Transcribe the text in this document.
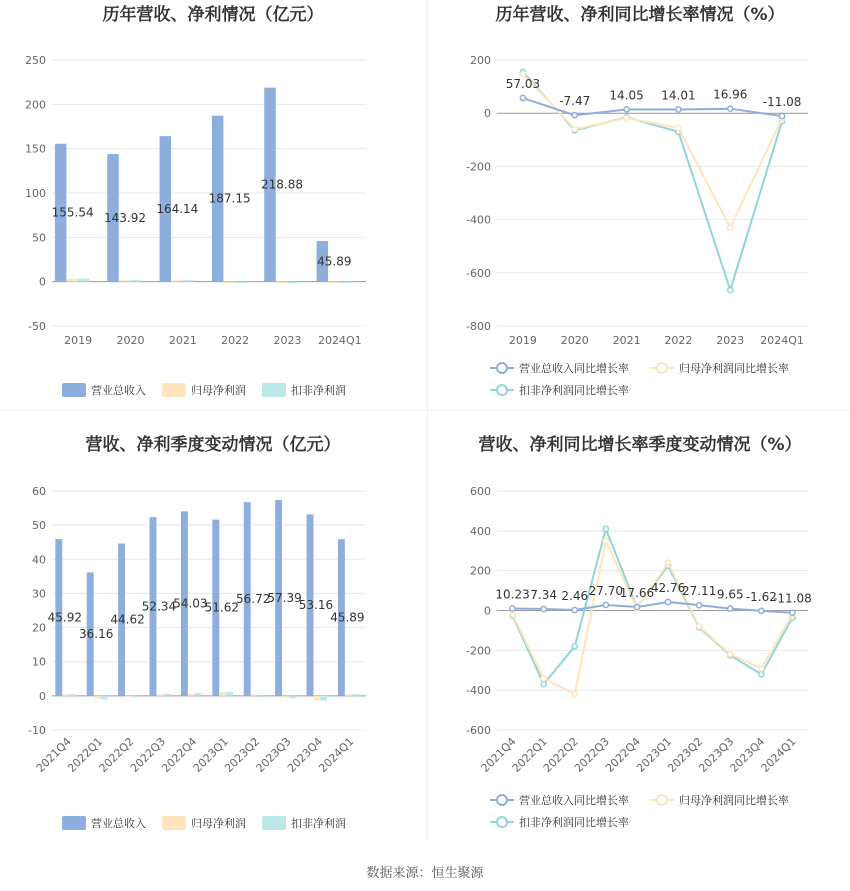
历年营收、净利情况（亿元）
-50
0
50
100
150
200
250
2019 2020 2021 2022 2023 2024Q1
155.54 143.92
164.14
187.15
218.88
45.89
营业总收入	归母净利润	扣非净利润
历年营收、净利同比增长率情况（%）
-800
-600
-400
-200
0
200
2019 2020 2021 2022 2023 2024Q1
57.03
-7.47 14.05 14.01 16.96
-11.08
营业总收入同比增长率	归母净利润同比增长率
扣非净利润同比增长率
营收、净利季度变动情况（亿元）
-10
0
10
20
30
40
50
60
2021Q4
2022Q1
2022Q2
2022Q3
2022Q4
2023Q1
2023Q2
2023Q3
2023Q4
2024Q1
45.92
36.16
44.62
52.34
54.03
51.62
56.72
57.39
53.16
45.89
营业总收入	归母净利润	扣非净利润
营收、净利同比增长率季度变动情况（%）
-600
-400
-200
0
200
400
600
2021Q4
2022Q1
2022Q2
2022Q3
2022Q4
2023Q1
2023Q2
2023Q3
2023Q4
2024Q1
10.23 7.34 2.46 27.70
17.66
42.76
27.11 9.65 -1.62
-11.08
营业总收入同比增长率	归母净利润同比增长率
扣非净利润同比增长率
数据来源：恒生聚源
